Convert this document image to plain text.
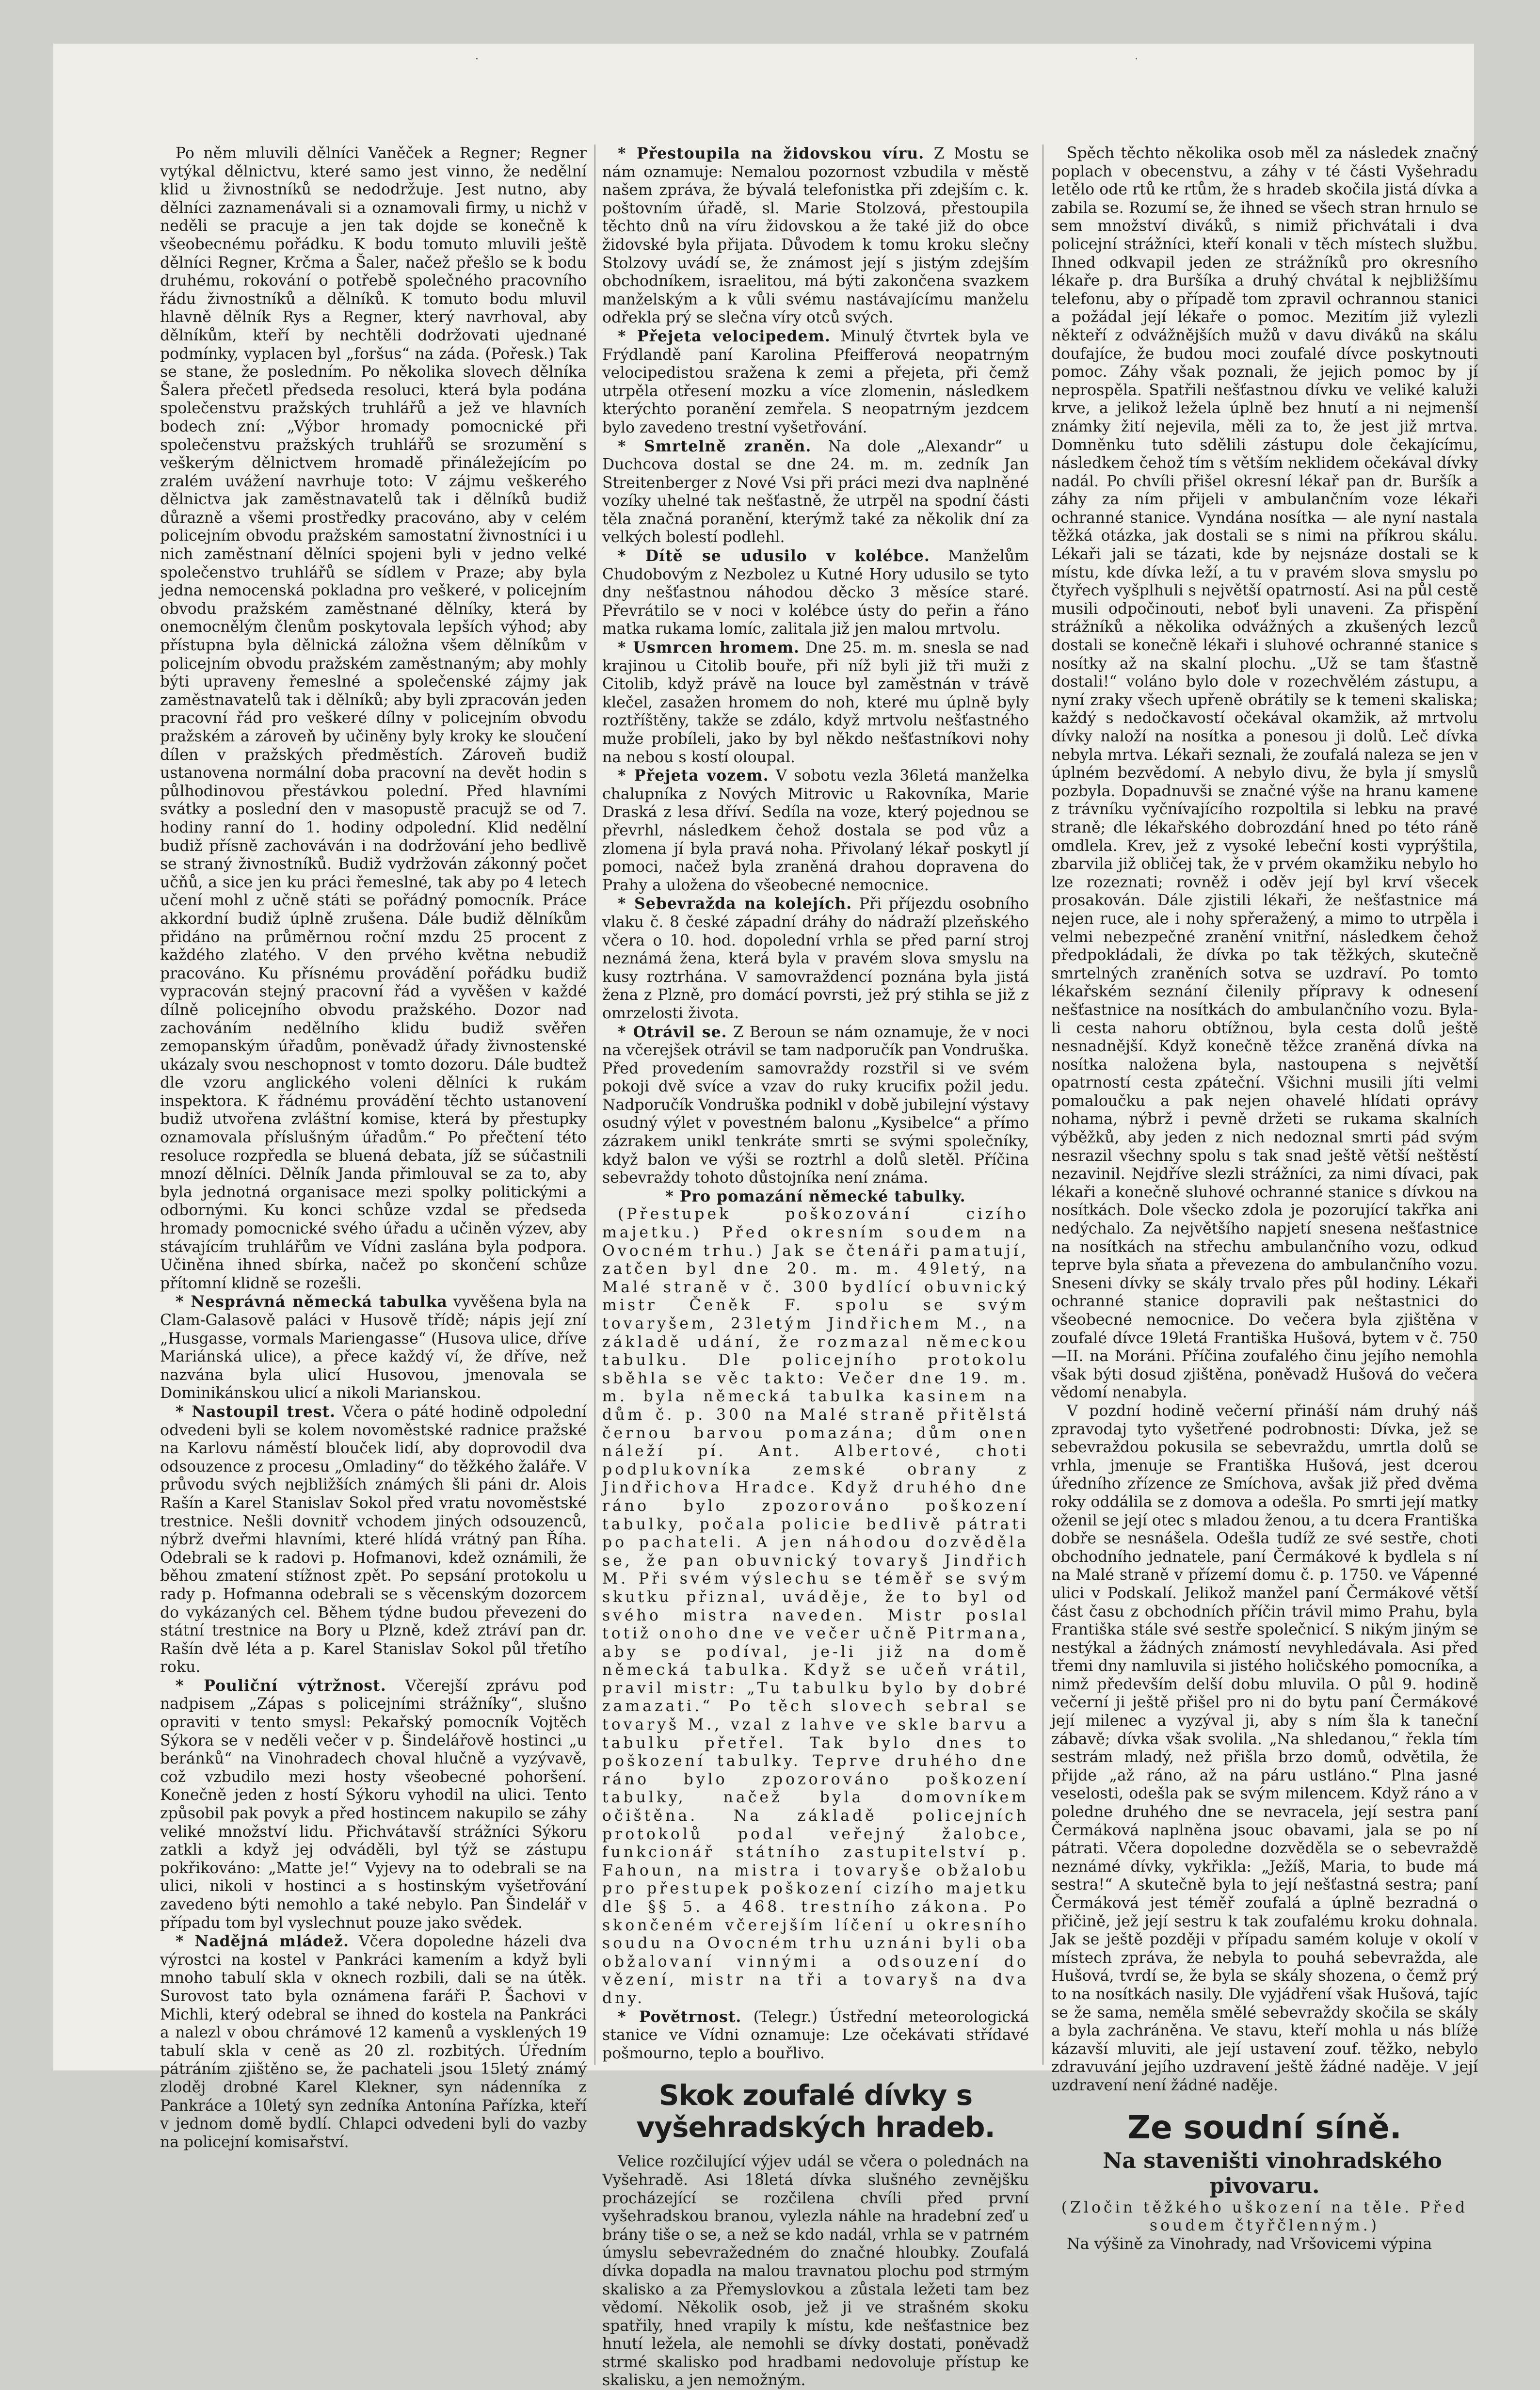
·	·

Po něm mluvili dělníci Vaněček a Regner; Regner vytýkal dělnictvu, které samo jest vinno, že nedělní klid u živnostníků se nedodržuje. Jest nutno, aby dělníci zaznamenávali si a oznamovali firmy, u nichž v neděli se pracuje a jen tak dojde se konečně k všeobecnému pořádku. K bodu tomuto mluvili ještě dělníci Regner, Krčma a Šaler, načež přešlo se k bodu druhému, rokování o potřebě společného pracovního řádu živnostníků a dělníků. K tomuto bodu mluvil hlavně dělník Rys a Regner, který navrhoval, aby dělníkům, kteří by nechtěli dodržovati ujednané podmínky, vyplacen byl „foršus“ na záda. (Pořesk.) Tak se stane, že posledním. Po několika slovech dělníka Šalera přečetl předseda resoluci, která byla podána společenstvu pražských truhlářů a jež ve hlavních bodech zní: „Výbor hromady pomocnické při společenstvu pražských truhlářů se srozumění s veškerým dělnictvem hromadě přináležejícím po zralém uvážení navrhuje toto: V zájmu veškerého dělnictva jak zaměstnavatelů tak i dělníků budiž důrazně a všemi prostředky pracováno, aby v celém policejním obvodu pražském samostatní živnostníci i u nich zaměstnaní dělníci spojeni byli v jedno velké společenstvo truhlářů se sídlem v Praze; aby byla jedna nemocenská pokladna pro veškeré, v policejním obvodu pražském zaměstnané dělníky, která by onemocnělým členům poskytovala lepších výhod; aby přístupna byla dělnická záložna všem dělníkům v policejním obvodu pražském zaměstnaným; aby mohly býti upraveny řemeslné a společenské zájmy jak zaměstnavatelů tak i dělníků; aby byli zpracován jeden pracovní řád pro veškeré dílny v policejním obvodu pražském a zároveň by učiněny byly kroky ke sloučení dílen v pražských předměstích. Zároveň budiž ustanovena normální doba pracovní na devět hodin s půlhodinovou přestávkou polední. Před hlavními svátky a poslední den v masopustě pracujž se od 7. hodiny ranní do 1. hodiny odpolední. Klid nedělní budiž přísně zachováván i na dodržování jeho bedlivě se straný živnostníků. Budiž vydržován zákonný počet učňů, a sice jen ku práci řemeslné, tak aby po 4 letech učení mohl z učně státi se pořádný pomocník. Práce akkordní budiž úplně zrušena. Dále budiž dělníkům přidáno na průměrnou roční mzdu 25 procent z každého zlatého. V den prvého května nebudiž pracováno. Ku přísnému provádění pořádku budiž vypracován stejný pracovní řád a vyvěšen v každé dílně policejního obvodu pražského. Dozor nad zachováním nedělního klidu budiž svěřen zemopanským úřadům, poněvadž úřady živnostenské ukázaly svou neschopnost v tomto dozoru. Dále budtež dle vzoru anglického voleni dělníci k rukám inspektora. K řádnému provádění těchto ustanovení budiž utvořena zvláštní komise, která by přestupky oznamovala příslušným úřadům.“ Po přečtení této resoluce rozpředla se bluená debata, jíž se súčastnili mnozí dělníci. Dělník Janda přimlouval se za to, aby byla jednotná organisace mezi spolky politickými a odbornými. Ku konci schůze vzdal se předseda hromady pomocnické svého úřadu a učiněn výzev, aby stávajícím truhlářům ve Vídni zaslána byla podpora. Učiněna ihned sbírka, načež po skončení schůze přítomní klidně se rozešli.

* Nesprávná německá tabulka vyvěšena byla na Clam-Galasově paláci v Husově třídě; nápis její zní „Husgasse, vormals Mariengasse“ (Husova ulice, dříve Mariánská ulice), a přece každý ví, že dříve, než nazvána byla ulicí Husovou, jmenovala se Dominikánskou ulicí a nikoli Marianskou.

* Nastoupil trest. Včera o páté hodině odpolední odvedeni byli se kolem novoměstské radnice pražské na Karlovu náměstí blouček lidí, aby doprovodil dva odsouzence z procesu „Omladiny“ do těžkého žaláře. V průvodu svých nejbližších známých šli páni dr. Alois Rašín a Karel Stanislav Sokol před vratu novoměstské trestnice. Nešli dovnitř vchodem jiných odsouzenců, nýbrž dveřmi hlavními, které hlídá vrátný pan Říha. Odebrali se k radovi p. Hofmanovi, kdež oznámili, že běhou zmatení stížnost zpět. Po sepsání protokolu u rady p. Hofmanna odebrali se s věcenským dozorcem do vykázaných cel. Během týdne budou převezeni do státní trestnice na Bory u Plzně, kdež ztráví pan dr. Rašín dvě léta a p. Karel Stanislav Sokol půl třetího roku.

* Pouliční výtržnost. Včerejší zprávu pod nadpisem „Zápas s policejními strážníky“, slušno opraviti v tento smysl: Pekařský pomocník Vojtěch Sýkora se v neděli večer v p. Šindelářově hostinci „u beránků“ na Vinohradech choval hlučně a vyzývavě, což vzbudilo mezi hosty všeobecné pohoršení. Konečně jeden z hostí Sýkoru vyhodil na ulici. Tento způsobil pak povyk a před hostincem nakupilo se záhy veliké množství lidu. Přichvátavší strážníci Sýkoru zatkli a když jej odváděli, byl týž se zástupu pokřikováno: „Matte je!“ Vyjevy na to odebrali se na ulici, nikoli v hostinci a s hostinským vyšetřování zavedeno býti nemohlo a také nebylo. Pan Šindelář v případu tom byl vyslechnut pouze jako svědek.

* Nadějná mládež. Včera dopoledne házeli dva výrostci na kostel v Pankráci kamením a když byli mnoho tabulí skla v oknech rozbili, dali se na útěk. Surovost tato byla oznámena faráři P. Šachovi v Michli, který odebral se ihned do kostela na Pankráci a nalezl v obou chrámové 12 kamenů a vysklených 19 tabulí skla v ceně as 20 zl. rozbitých. Úředním pátráním zjištěno se, že pachateli jsou 15letý známý zloděj drobné Karel Klekner, syn nádenníka z Pankráce a 10letý syn zedníka Antonína Pařízka, kteří v jednom domě bydlí. Chlapci odvedeni byli do vazby na policejní komisařství.

* Přestoupila na židovskou víru. Z Mostu se nám oznamuje: Nemalou pozornost vzbudila v městě našem zpráva, že bývalá telefonistka při zdejším c. k. poštovním úřadě, sl. Marie Stolzová, přestoupila těchto dnů na víru židovskou a že také již do obce židovské byla přijata. Důvodem k tomu kroku slečny Stolzovy uvádí se, že známost její s jistým zdejším obchodníkem, israelitou, má býti zakončena svazkem manželským a k vůli svému nastávajícímu manželu odřekla prý se slečna víry otců svých.

* Přejeta velocipedem. Minulý čtvrtek byla ve Frýdlandě paní Karolina Pfeifferová neopatrným velocipedistou sražena k zemi a přejeta, při čemž utrpěla otřesení mozku a více zlomenin, následkem kterýchto poranění zemřela. S neopatrným jezdcem bylo zavedeno trestní vyšetřování.

* Smrtelně zraněn. Na dole „Alexandr“ u Duchcova dostal se dne 24. m. m. zedník Jan Streitenberger z Nové Vsi při práci mezi dva naplněné vozíky uhelné tak nešťastně, že utrpěl na spodní části těla značná poranění, kterýmž také za několik dní za velkých bolestí podlehl.

* Dítě se udusilo v kolébce. Manželům Chudobovým z Nezbolez u Kutné Hory udusilo se tyto dny nešťastnou náhodou děcko 3 měsíce staré. Převrátilo se v noci v kolébce ústy do peřin a řáno matka rukama lomíc, zalitala již jen malou mrtvolu.

* Usmrcen hromem. Dne 25. m. m. snesla se nad krajinou u Citolib bouře, při níž byli již tři muži z Citolib, když právě na louce byl zaměstnán v trávě klečel, zasažen hromem do noh, které mu úplně byly roztříštěny, takže se zdálo, když mrtvolu nešťastného muže probíleli, jako by byl někdo nešťastníkovi nohy na nebou s kostí oloupal.

* Přejeta vozem. V sobotu vezla 36letá manželka chalupníka z Nových Mitrovic u Rakovníka, Marie Draská z lesa dříví. Sedíla na voze, který pojednou se převrhl, následkem čehož dostala se pod vůz a zlomena jí byla pravá noha. Přivolaný lékař poskytl jí pomoci, načež byla zraněná drahou dopravena do Prahy a uložena do všeobecné nemocnice.

* Sebevražda na kolejích. Při příjezdu osobního vlaku č. 8 české západní dráhy do nádraží plzeňského včera o 10. hod. dopolední vrhla se před parní stroj neznámá žena, která byla v pravém slova smyslu na kusy roztrhána. V samovraždencí poznána byla jistá žena z Plzně, pro domácí povrsti, jež prý stihla se již z omrzelosti života.

* Otrávil se. Z Beroun se nám oznamuje, že v noci na včerejšek otrávil se tam nadporučík pan Vondruška. Před provedením samovraždy rozstřil si ve svém pokoji dvě svíce a vzav do ruky krucifix požil jedu. Nadporučík Vondruška podnikl v době jubilejní výstavy osudný výlet v povestném balonu „Kysibelce“ a přímo zázrakem unikl tenkráte smrti se svými společníky, když balon ve výši se roztrhl a dolů sletěl. Příčina sebevraždy tohoto důstojníka není známa.

* Pro pomazání německé tabulky.

(Přestupek poškozování cizího majetku.) Před okresním soudem na Ovocném trhu.) Jak se čtenáři pamatují, zatčen byl dne 20. m. m. 49letý, na Malé straně v č. 300 bydlící obuvnický mistr Čeněk F. spolu se svým tovaryšem, 23letým Jindřichem M., na základě udání, že rozmazal německou tabulku. Dle policejního protokolu sběhla se věc takto: Večer dne 19. m. m. byla německá tabulka kasinem na dům č. p. 300 na Malé straně přitělstá černou barvou pomazána; dům onen náleží pí. Ant. Albertové, choti podplukovníka zemské obrany z Jindřichova Hradce. Když druhého dne ráno bylo zpozorováno poškození tabulky, počala policie bedlivě pátrati po pachateli. A jen náhodou dozvěděla se, že pan obuvnický tovaryš Jindřich M. Při svém výslechu se téměř se svým skutku přiznal, uváděje, že to byl od svého mistra naveden. Mistr poslal totiž onoho dne ve večer učně Pitrmana, aby se podíval, je-li již na domě německá tabulka. Když se učeň vrátil, pravil mistr: „Tu tabulku bylo by dobré zamazati.“ Po těch slovech sebral se tovaryš M., vzal z lahve ve skle barvu a tabulku přetřel. Tak bylo dnes to poškození tabulky. Teprve druhého dne ráno bylo zpozorováno poškození tabulky, načež byla domovníkem očištěna. Na základě policejních protokolů podal veřejný žalobce, funkcionář státního zastupitelství p. Fahoun, na mistra i tovaryše obžalobu pro přestupek poškození cizího majetku dle §§ 5. a 468. trestního zákona. Po skončeném včerejším líčení u okresního soudu na Ovocném trhu uznáni byli oba obžalovaní vinnými a odsouzení do vězení, mistr na tři a tovaryš na dva dny.

* Povětrnost. (Telegr.) Ústřední meteorologická stanice ve Vídni oznamuje: Lze očekávati střídavé pošmourno, teplo a bouřlivo.

Skok zoufalé dívky s vyšehradských hradeb.

Velice rozčilující výjev udál se včera o polednách na Vyšehradě. Asi 18letá dívka slušného zevnějšku procházející se rozčilena chvíli před první vyšehradskou branou, vylezla náhle na hradební zeď u brány tiše o se, a než se kdo nadál, vrhla se v patrném úmyslu sebevražedném do značné hloubky. Zoufalá dívka dopadla na malou travnatou plochu pod strmým skalisko a za Přemyslovkou a zůstala ležeti tam bez vědomí. Několik osob, jež ji ve strašném skoku spatřily, hned vrapily k místu, kde nešťastnice bez hnutí ležela, ale nemohli se dívky dostati, poněvadž strmé skalisko pod hradbami nedovoluje přístup ke skalisku, a jen nemožným.

Spěch těchto několika osob měl za následek značný poplach v obecenstvu, a záhy v té části Vyšehradu letělo ode rtů ke rtům, že s hradeb skočila jistá dívka a zabila se. Rozumí se, že ihned se všech stran hrnulo se sem množství diváků, s nimiž přichvátali i dva policejní strážníci, kteří konali v těch místech službu. Ihned odkvapil jeden ze strážníků pro okresního lékaře p. dra Buršíka a druhý chvátal k nejbližšímu telefonu, aby o případě tom zpravil ochrannou stanici a požádal její lékaře o pomoc. Mezitím již vylezli někteří z odvážnějších mužů v davu diváků na skálu doufajíce, že budou moci zoufalé dívce poskytnouti pomoc. Záhy však poznali, že jejich pomoc by jí neprospěla. Spatřili nešťastnou dívku ve veliké kaluži krve, a jelikož ležela úplně bez hnutí a ni nejmenší známky žití nejevila, měli za to, že jest již mrtva. Domněnku tuto sdělili zástupu dole čekajícímu, následkem čehož tím s větším neklidem očekával dívky nadál. Po chvíli přišel okresní lékař pan dr. Buršík a záhy za ním přijeli v ambulančním voze lékaři ochranné stanice. Vyndána nosítka — ale nyní nastala těžká otázka, jak dostali se s nimi na příkrou skálu. Lékaři jali se tázati, kde by nejsnáze dostali se k místu, kde dívka leží, a tu v pravém slova smyslu po čtyřech vyšplhuli s největší opatrností. Asi na půl cestě musili odpočinouti, neboť byli unaveni. Za přispění strážníků a několika odvážných a zkušených lezců dostali se konečně lékaři i sluhové ochranné stanice s nosítky až na skalní plochu. „Už se tam šťastně dostali!“ voláno bylo dole v rozechvělém zástupu, a nyní zraky všech upřeně obrátily se k temeni skaliska; každý s nedočkavostí očekával okamžik, až mrtvolu dívky naloží na nosítka a ponesou ji dolů. Leč dívka nebyla mrtva. Lékaři seznali, že zoufalá naleza se jen v úplném bezvědomí. A nebylo divu, že byla jí smyslů pozbyla. Dopadnuvši se značné výše na hranu kamene z trávníku vyčnívajícího rozpoltila si lebku na pravé straně; dle lékařského dobrozdání hned po této ráně omdlela. Krev, jež z vysoké lebeční kosti vyprýštila, zbarvila již obličej tak, že v prvém okamžiku nebylo ho lze rozeznati; rovněž i oděv její byl krví všecek prosakován. Dále zjistili lékaři, že nešťastnice má nejen ruce, ale i nohy spřeražený, a mimo to utrpěla i velmi nebezpečné zranění vnitřní, následkem čehož předpokládali, že dívka po tak těžkých, skutečně smrtelných zraněních sotva se uzdraví. Po tomto lékařském seznání čilenily přípravy k odnesení nešťastnice na nosítkách do ambulančního vozu. Byla-li cesta nahoru obtížnou, byla cesta dolů ještě nesnadnější. Když konečně těžce zraněná dívka na nosítka naložena byla, nastoupena s největší opatrností cesta zpáteční. Všichni musili jíti velmi pomaloučku a pak nejen ohavelé hlídati oprávy nohama, nýbrž i pevně držeti se rukama skalních výběžků, aby jeden z nich nedoznal smrti pád svým nesrazil všechny spolu s tak snad ještě větší neštěstí nezavinil. Nejdříve slezli strážníci, za nimi dívaci, pak lékaři a konečně sluhové ochranné stanice s dívkou na nosítkách. Dole všecko zdola je pozorující takřka ani nedýchalo. Za největšího napjetí snesena nešťastnice na nosítkách na střechu ambulančního vozu, odkud teprve byla sňata a převezena do ambulančního vozu. Sneseni dívky se skály trvalo přes půl hodiny. Lékaři ochranné stanice dopravili pak neštastnici do všeobecné nemocnice. Do večera byla zjištěna v zoufalé dívce 19letá Františka Hušová, bytem v č. 750—II. na Moráni. Příčina zoufalého činu jejího nemohla však býti dosud zjištěna, poněvadž Hušová do večera vědomí nenabyla.

V pozdní hodině večerní přináší nám druhý náš zpravodaj tyto vyšetřené podrobnosti: Dívka, jež se sebevraždou pokusila se sebevraždu, umrtla dolů se vrhla, jmenuje se Františka Hušová, jest dcerou úředního zřízence ze Smíchova, avšak již před dvěma roky oddálila se z domova a odešla. Po smrti její matky oženil se její otec s mladou ženou, a tu dcera Františka dobře se nesnášela. Odešla tudíž ze své sestře, choti obchodního jednatele, paní Čermákové k bydlela s ní na Malé straně v přízemí domu č. p. 1750. ve Vápenné ulici v Podskalí. Jelikož manžel paní Čermákové větší část času z obchodních příčin trávil mimo Prahu, byla Františka stále své sestře společnicí. S nikým jiným se nestýkal a žádných známostí nevyhledávala. Asi před třemi dny namluvila si jistého holičského pomocníka, a nimž především delší dobu mluvila. O půl 9. hodině večerní ji ještě přišel pro ni do bytu paní Čermákové její milenec a vyzýval ji, aby s ním šla k taneční zábavě; dívka však svolila. „Na shledanou,“ řekla tím sestrám mladý, než přišla brzo domů, odvětila, že přijde „až ráno, až na páru ustláno.“ Plna jasné veselosti, odešla pak se svým milencem. Když ráno a v poledne druhého dne se nevracela, její sestra paní Čermáková naplněna jsouc obavami, jala se po ní pátrati. Včera dopoledne dozvěděla se o sebevraždě neznámé dívky, vykřikla: „Ježíš, Maria, to bude má sestra!“ A skutečně byla to její nešťastná sestra; paní Čermáková jest téměř zoufalá a úplně bezradná o přičině, jež její sestru k tak zoufalému kroku dohnala. Jak se ještě později v případu samém koluje v okolí v místech zpráva, že nebyla to pouhá sebevražda, ale Hušová, tvrdí se, že byla se skály shozena, o čemž prý to na nosítkách nasily. Dle vyjádření však Hušová, tajíc se že sama, neměla smělé sebevraždy skočila se skály a byla zachráněna. Ve stavu, kteří mohla u nás blíže kázavší mluviti, ale její ustavení zouf. těžko, nebylo zdravuvání jejího uzdravení ještě žádné naděje. V její uzdravení není žádné naděje.

Ze soudní síně.

Na staveništi vinohradského pivovaru.

(Zločin těžkého uškození na těle. Před soudem čtyřčlenným.)

Na výšině za Vinohrady, nad Vršovicemi výpina
